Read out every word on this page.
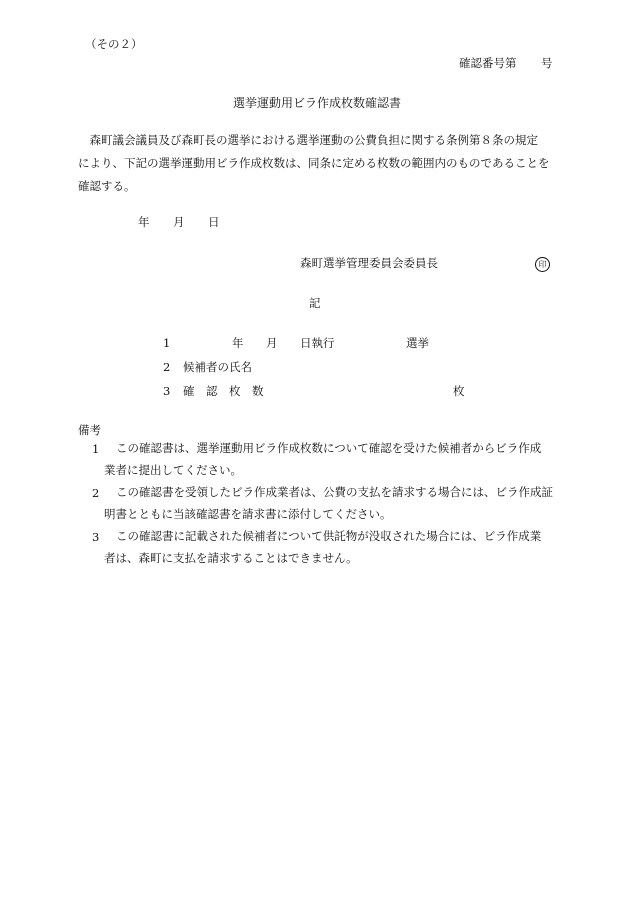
（その２）
確認番号第 号
選挙運動用ビラ作成枚数確認書
　森町議会議員及び森町長の選挙における選挙運動の公費負担に関する条例第８条の規定
により、下記の選挙運動用ビラ作成枚数は、同条に定める枚数の範囲内のものであることを
確認する。
年 月 日
森町選挙管理委員会委員長	印
記
1	年 月 日執行	選挙
2 候補者の氏名
3 確　認　枚　数	枚
備考
1 この確認書は、選挙運動用ビラ作成枚数について確認を受けた候補者からビラ作成
業者に提出してください。
2 この確認書を受領したビラ作成業者は、公費の支払を請求する場合には、ビラ作成証
明書とともに当該確認書を請求書に添付してください。
3 この確認書に記載された候補者について供託物が没収された場合には、ビラ作成業
者は、森町に支払を請求することはできません。
